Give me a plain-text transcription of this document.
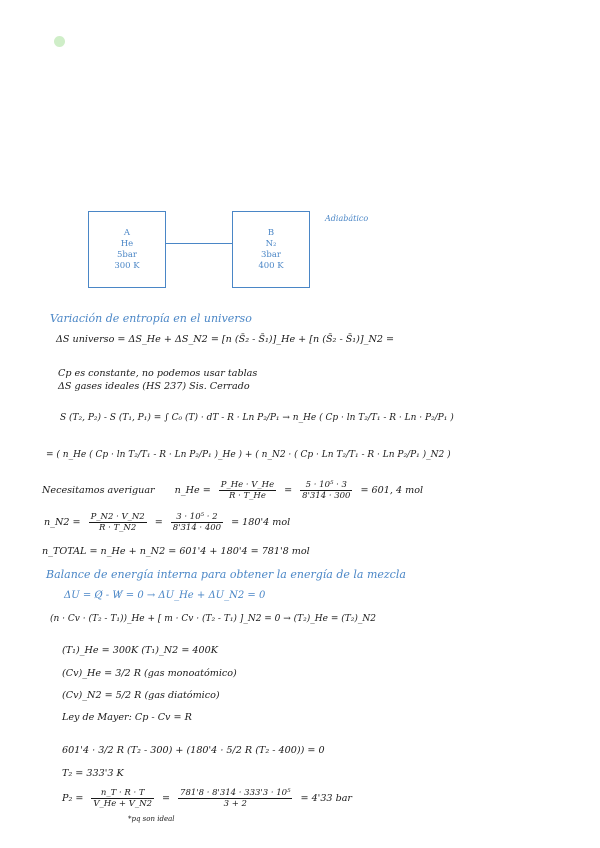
A
He
5bar
300 K
B
N₂
3bar
400 K
Adiabático
Variación de entropía en el universo
ΔS universo = ΔS_He + ΔS_N2 = [n (S̄₂ - S̄₁)]_He + [n (S̄₂ - S̄₁)]_N2 =
Cp es constante, no podemos usar tablas
ΔS gases ideales (HS 237) Sis. Cerrado
S (T₂, P₂) - S (T₁, P₁) = ∫ C₀ (T) · dT - R · Ln P₂/P₁ → n_He ( Cp · ln T₂/T₁ - R · Ln · P₂/P₁ )
= ( n_He ( Cp · ln T₂/T₁ - R · Ln P₂/P₁ )_He ) + ( n_N2 · ( Cp · Ln T₂/T₁ - R · Ln P₂/P₁ )_N2 )
Necesitamos averiguar n_He = $\frac{P\_He \cdot V\_He}{R \cdot T\_He} = \frac{\text{5 · 10⁵ · 3}}{8'314 \cdot 300} = 601$, 4 mol
n_N2 = $\frac{P\_N2 \cdot V\_N2}{R \cdot T\_N2} = \frac{\text{3 · 10⁵ · 2}}{8'314 \cdot 400} = 180'4$ mol
n_TOTAL = n_He + n_N2 = 601'4 + 180'4 = 781'8 mol
Balance de energía interna para obtener la energía de la mezcla
ΔU = Q̸ - W̸ = 0 → ΔU_He + ΔU_N2 = 0
(n · Cv · (T₂ - T₁))_He + [ m · Cv · (T₂ - T₁) ]_N2 = 0 → (T₂)_He = (T₂)_N2
(T₁)_He = 300K (T₁)_N2 = 400K
(Cv)_He = 3/2 R (gas monoatómico)
(Cv)_N2 = 5/2 R (gas diatómico)
Ley de Mayer: Cp - Cv = R
601'4 · 3/2 R (T₂ - 300) + (180'4 · 5/2 R (T₂ - 400)) = 0
T₂ = 333'3 K
$P_2 = \frac{n\_T \cdot R \cdot T}{V\_He + V\_N2} = \frac{\text{781'8 · 8'314 · 333'3 · 10⁵}}{3 + 2} = 4'33$ bar
*pq son ideal
